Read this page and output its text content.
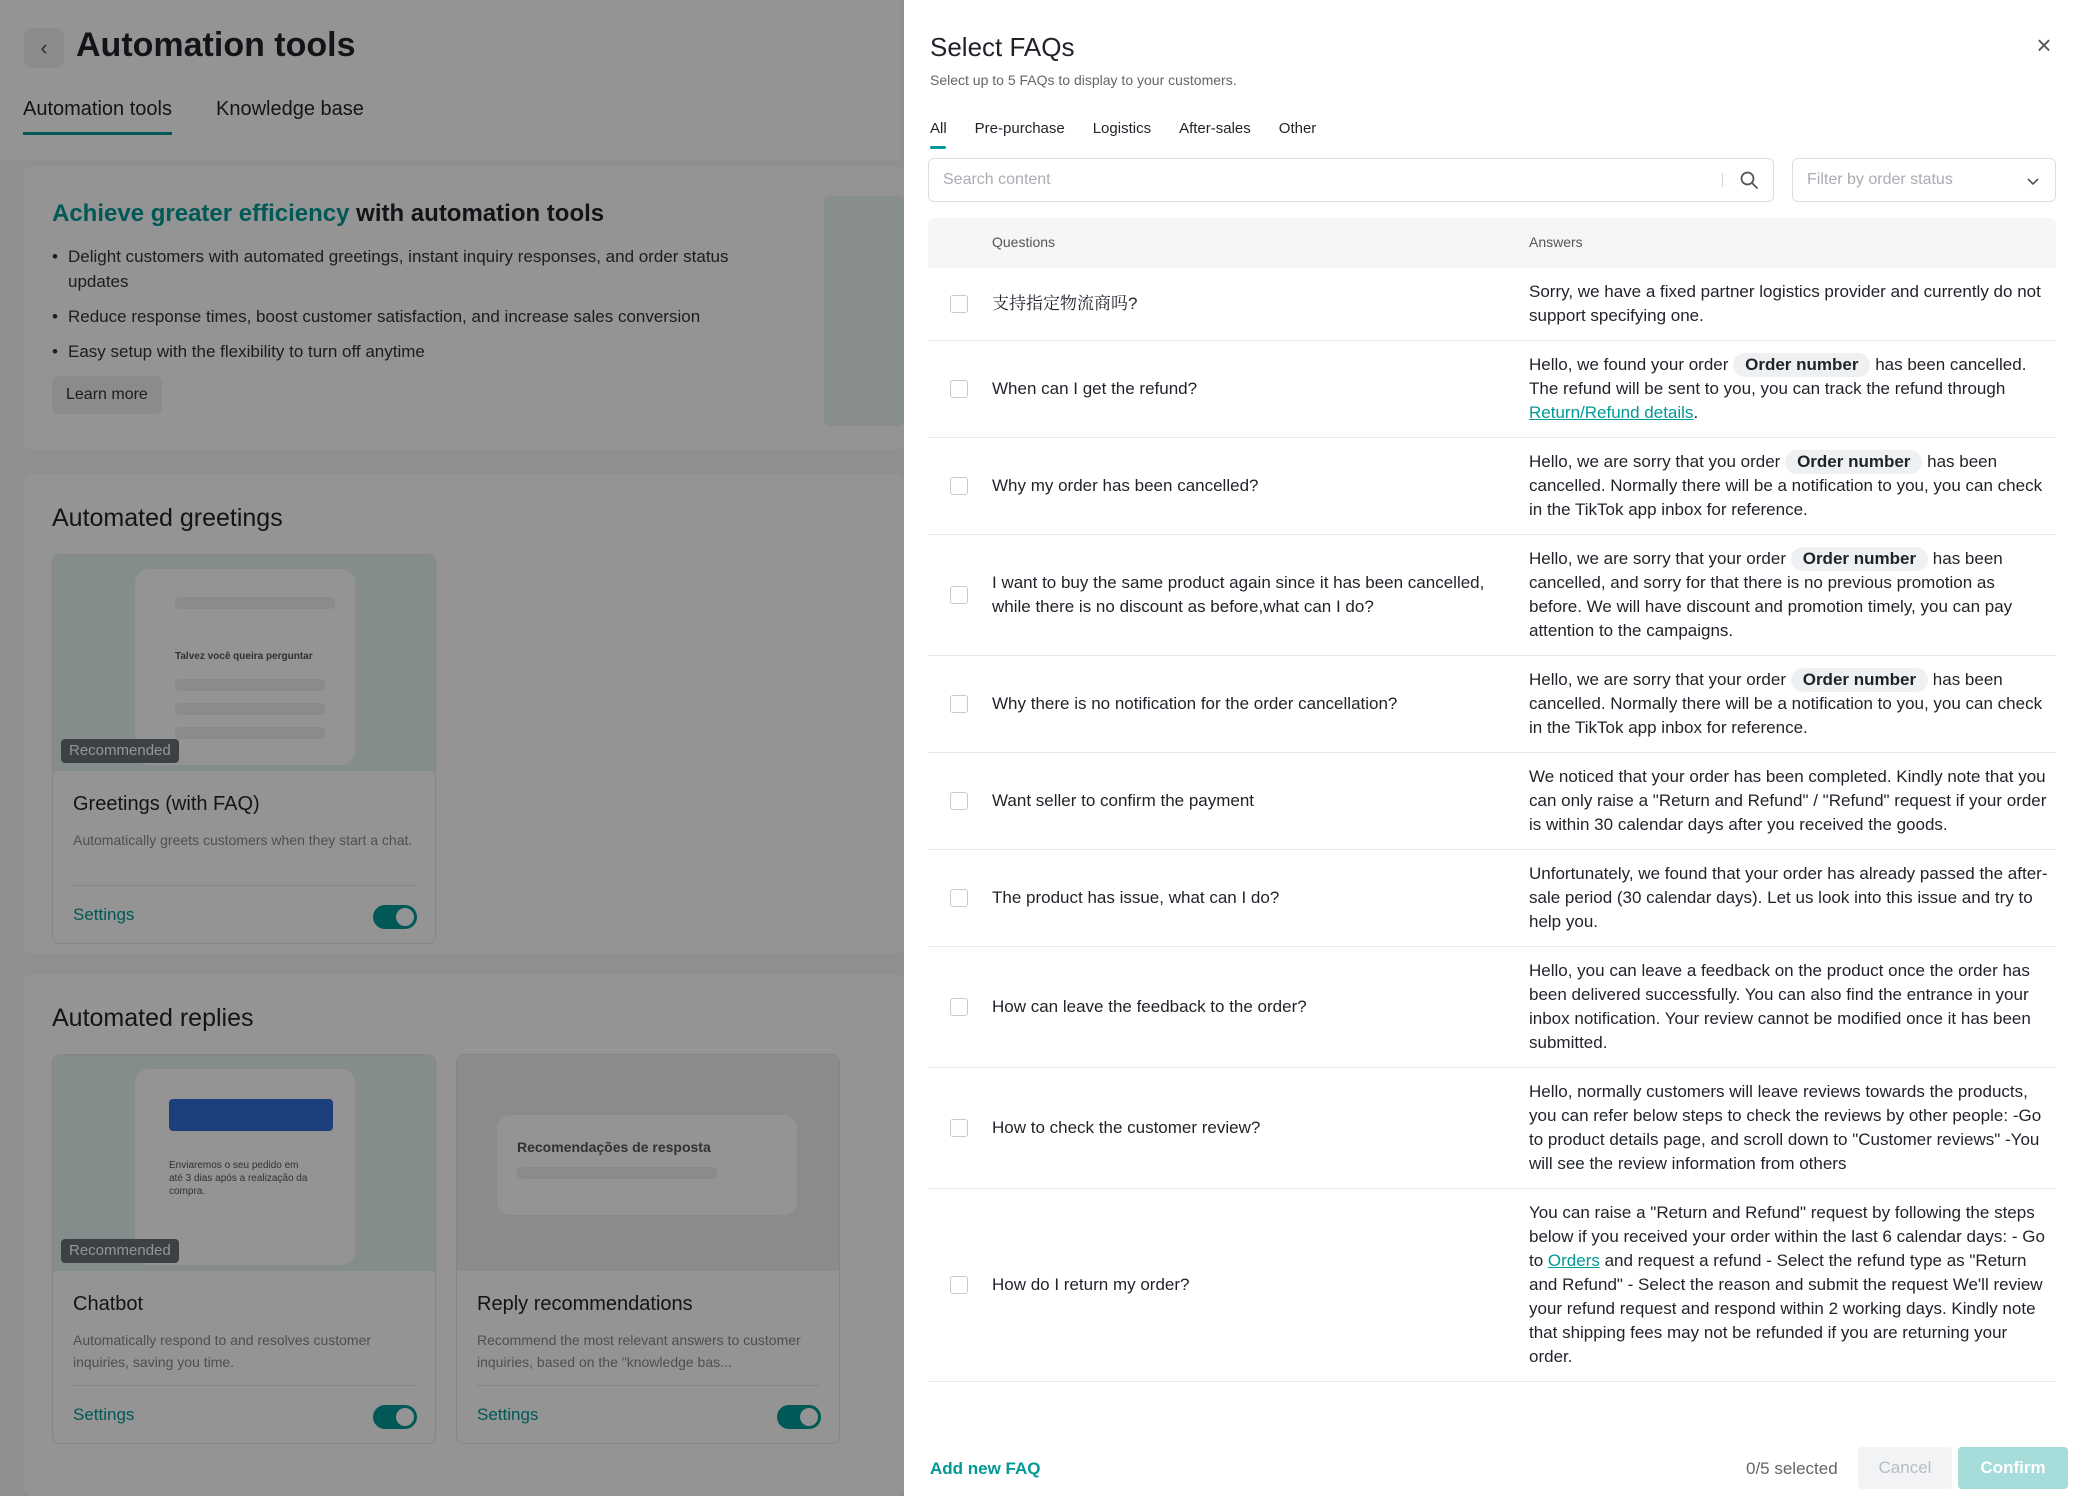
‹ Automation tools
Automation tools Knowledge base
Achieve greater efficiency with automation tools
• Delight customers with automated greetings, instant inquiry responses, and order status updates
• Reduce response times, boost customer satisfaction, and increase sales conversion
• Easy setup with the flexibility to turn off anytime
Learn more
Automated greetings
Talvez você queira perguntar
Recommended
Greetings (with FAQ)
Automatically greets customers when they start a chat.
Settings
Automated replies
Enviaremos o seu pedido em até 3 dias após a realização da compra.
Recommended
Chatbot
Automatically respond to and resolves customer inquiries, saving you time.
Settings
Recomendações de resposta
Reply recommendations
Recommend the most relevant answers to customer inquiries, based on the "knowledge bas...
Settings
Select FAQs
Select up to 5 FAQs to display to your customers.
×
All Pre-purchase Logistics After-sales Other
Search content
Filter by order status
Questions	Answers
支持指定物流商吗?
Sorry, we have a fixed partner logistics provider and currently do not support specifying one.
When can I get the refund?
Hello, we found your order Order number has been cancelled. The refund will be sent to you, you can track the refund through Return/Refund details.
Why my order has been cancelled?
Hello, we are sorry that you order Order number has been cancelled. Normally there will be a notification to you, you can check in the TikTok app inbox for reference.
I want to buy the same product again since it has been cancelled, while there is no discount as before,what can I do?
Hello, we are sorry that your order Order number has been cancelled, and sorry for that there is no previous promotion as before. We will have discount and promotion timely, you can pay attention to the campaigns.
Why there is no notification for the order cancellation?
Hello, we are sorry that your order Order number has been cancelled. Normally there will be a notification to you, you can check in the TikTok app inbox for reference.
Want seller to confirm the payment
We noticed that your order has been completed. Kindly note that you can only raise a "Return and Refund" / "Refund" request if your order is within 30 calendar days after you received the goods.
The product has issue, what can I do?
Unfortunately, we found that your order has already passed the after-sale period (30 calendar days). Let us look into this issue and try to help you.
How can leave the feedback to the order?
Hello, you can leave a feedback on the product once the order has been delivered successfully. You can also find the entrance in your inbox notification. Your review cannot be modified once it has been submitted.
How to check the customer review?
Hello, normally customers will leave reviews towards the products, you can refer below steps to check the reviews by other people: -Go to product details page, and scroll down to "Customer reviews" -You will see the review information from others
How do I return my order?
You can raise a "Return and Refund" request by following the steps below if you received your order within the last 6 calendar days: - Go to Orders and request a refund - Select the refund type as "Return and Refund" - Select the reason and submit the request We'll review your refund request and respond within 2 working days. Kindly note that shipping fees may not be refunded if you are returning your order.
Add new FAQ	0/5 selected	Cancel	Confirm
